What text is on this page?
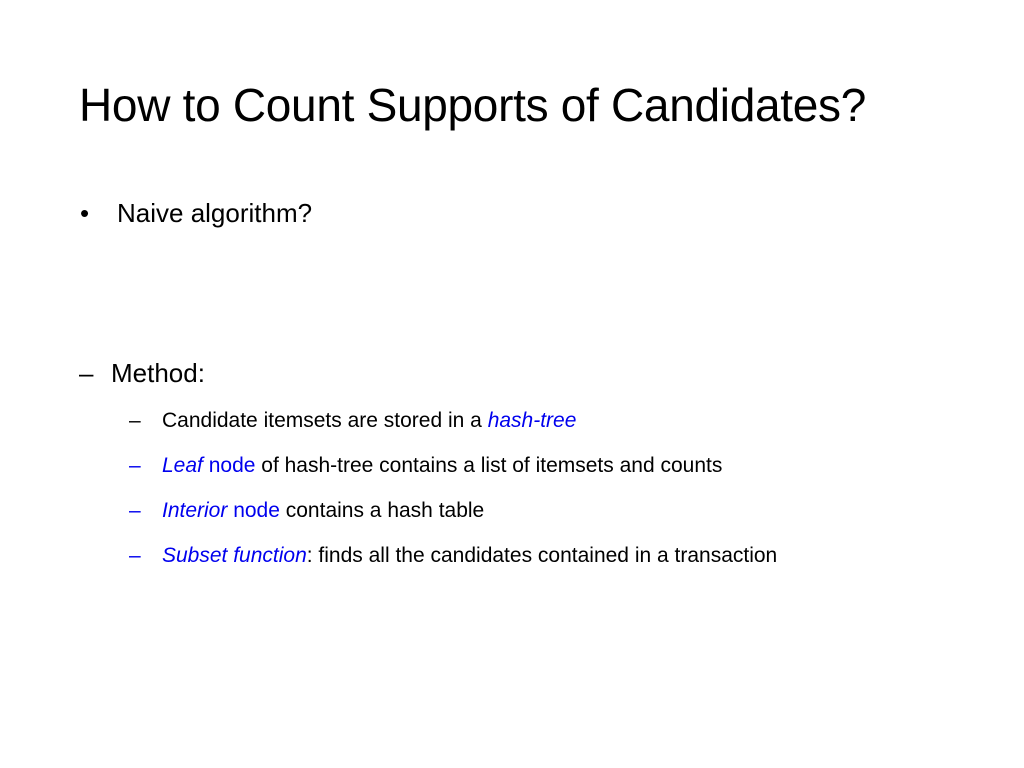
How to Count Supports of Candidates?
• Naive algorithm?
– Method:
– Candidate itemsets are stored in a hash-tree
– Leaf node of hash-tree contains a list of itemsets and counts
– Interior node contains a hash table
– Subset function: finds all the candidates contained in a transaction
